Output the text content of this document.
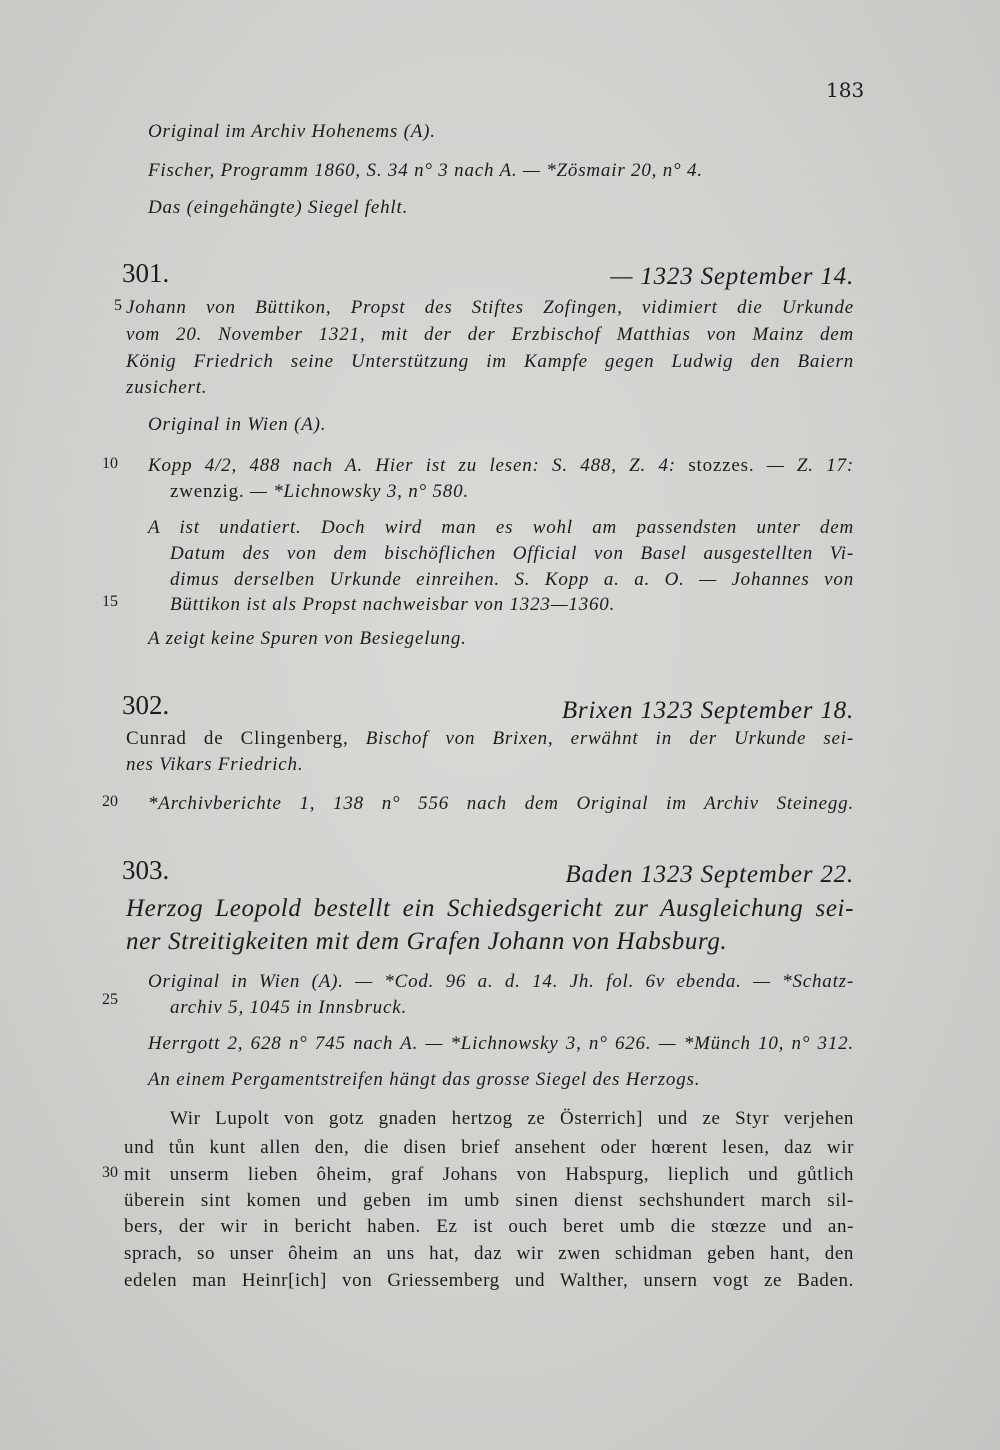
183
Original im Archiv Hohenems (A).
Fischer, Programm 1860, S. 34 n° 3 nach A. — *Zösmair 20, n° 4.
Das (eingehängte) Siegel fehlt.
301.	— 1323 September 14.
5 Johann von Büttikon, Propst des Stiftes Zofingen, vidimiert die Urkunde
vom 20. November 1321, mit der der Erzbischof Matthias von Mainz dem
König Friedrich seine Unterstützung im Kampfe gegen Ludwig den Baiern
zusichert.
Original in Wien (A).
10 Kopp 4/2, 488 nach A. Hier ist zu lesen: S. 488, Z. 4: stozzes. — Z. 17:
zwenzig. — *Lichnowsky 3, n° 580.
A ist undatiert. Doch wird man es wohl am passendsten unter dem
Datum des von dem bischöflichen Official von Basel ausgestellten Vi-
dimus derselben Urkunde einreihen. S. Kopp a. a. O. — Johannes von
15	Büttikon ist als Propst nachweisbar von 1323—1360.
A zeigt keine Spuren von Besiegelung.
302.	Brixen 1323 September 18.
Cunrad de Clingenberg, Bischof von Brixen, erwähnt in der Urkunde sei-
nes Vikars Friedrich.
20 *Archivberichte 1, 138 n° 556 nach dem Original im Archiv Steinegg.
303.	Baden 1323 September 22.
Herzog Leopold bestellt ein Schiedsgericht zur Ausgleichung sei-
ner Streitigkeiten mit dem Grafen Johann von Habsburg.
Original in Wien (A). — *Cod. 96 a. d. 14. Jh. fol. 6v ebenda. — *Schatz-
25	archiv 5, 1045 in Innsbruck.
Herrgott 2, 628 n° 745 nach A. — *Lichnowsky 3, n° 626. — *Münch 10, n° 312.
An einem Pergamentstreifen hängt das grosse Siegel des Herzogs.
Wir Lupolt von gotz gnaden hertzog ze Österrich] und ze Styr verjehen
und tůn kunt allen den, die disen brief ansehent oder hœrent lesen, daz wir
30 mit unserm lieben ôheim, graf Johans von Habspurg, lieplich und gůtlich
überein sint komen und geben im umb sinen dienst sechshundert march sil-
bers, der wir in bericht haben. Ez ist ouch beret umb die stœzze und an-
sprach, so unser ôheim an uns hat, daz wir zwen schidman geben hant, den
edelen man Heinr[ich] von Griessemberg und Walther, unsern vogt ze Baden.
